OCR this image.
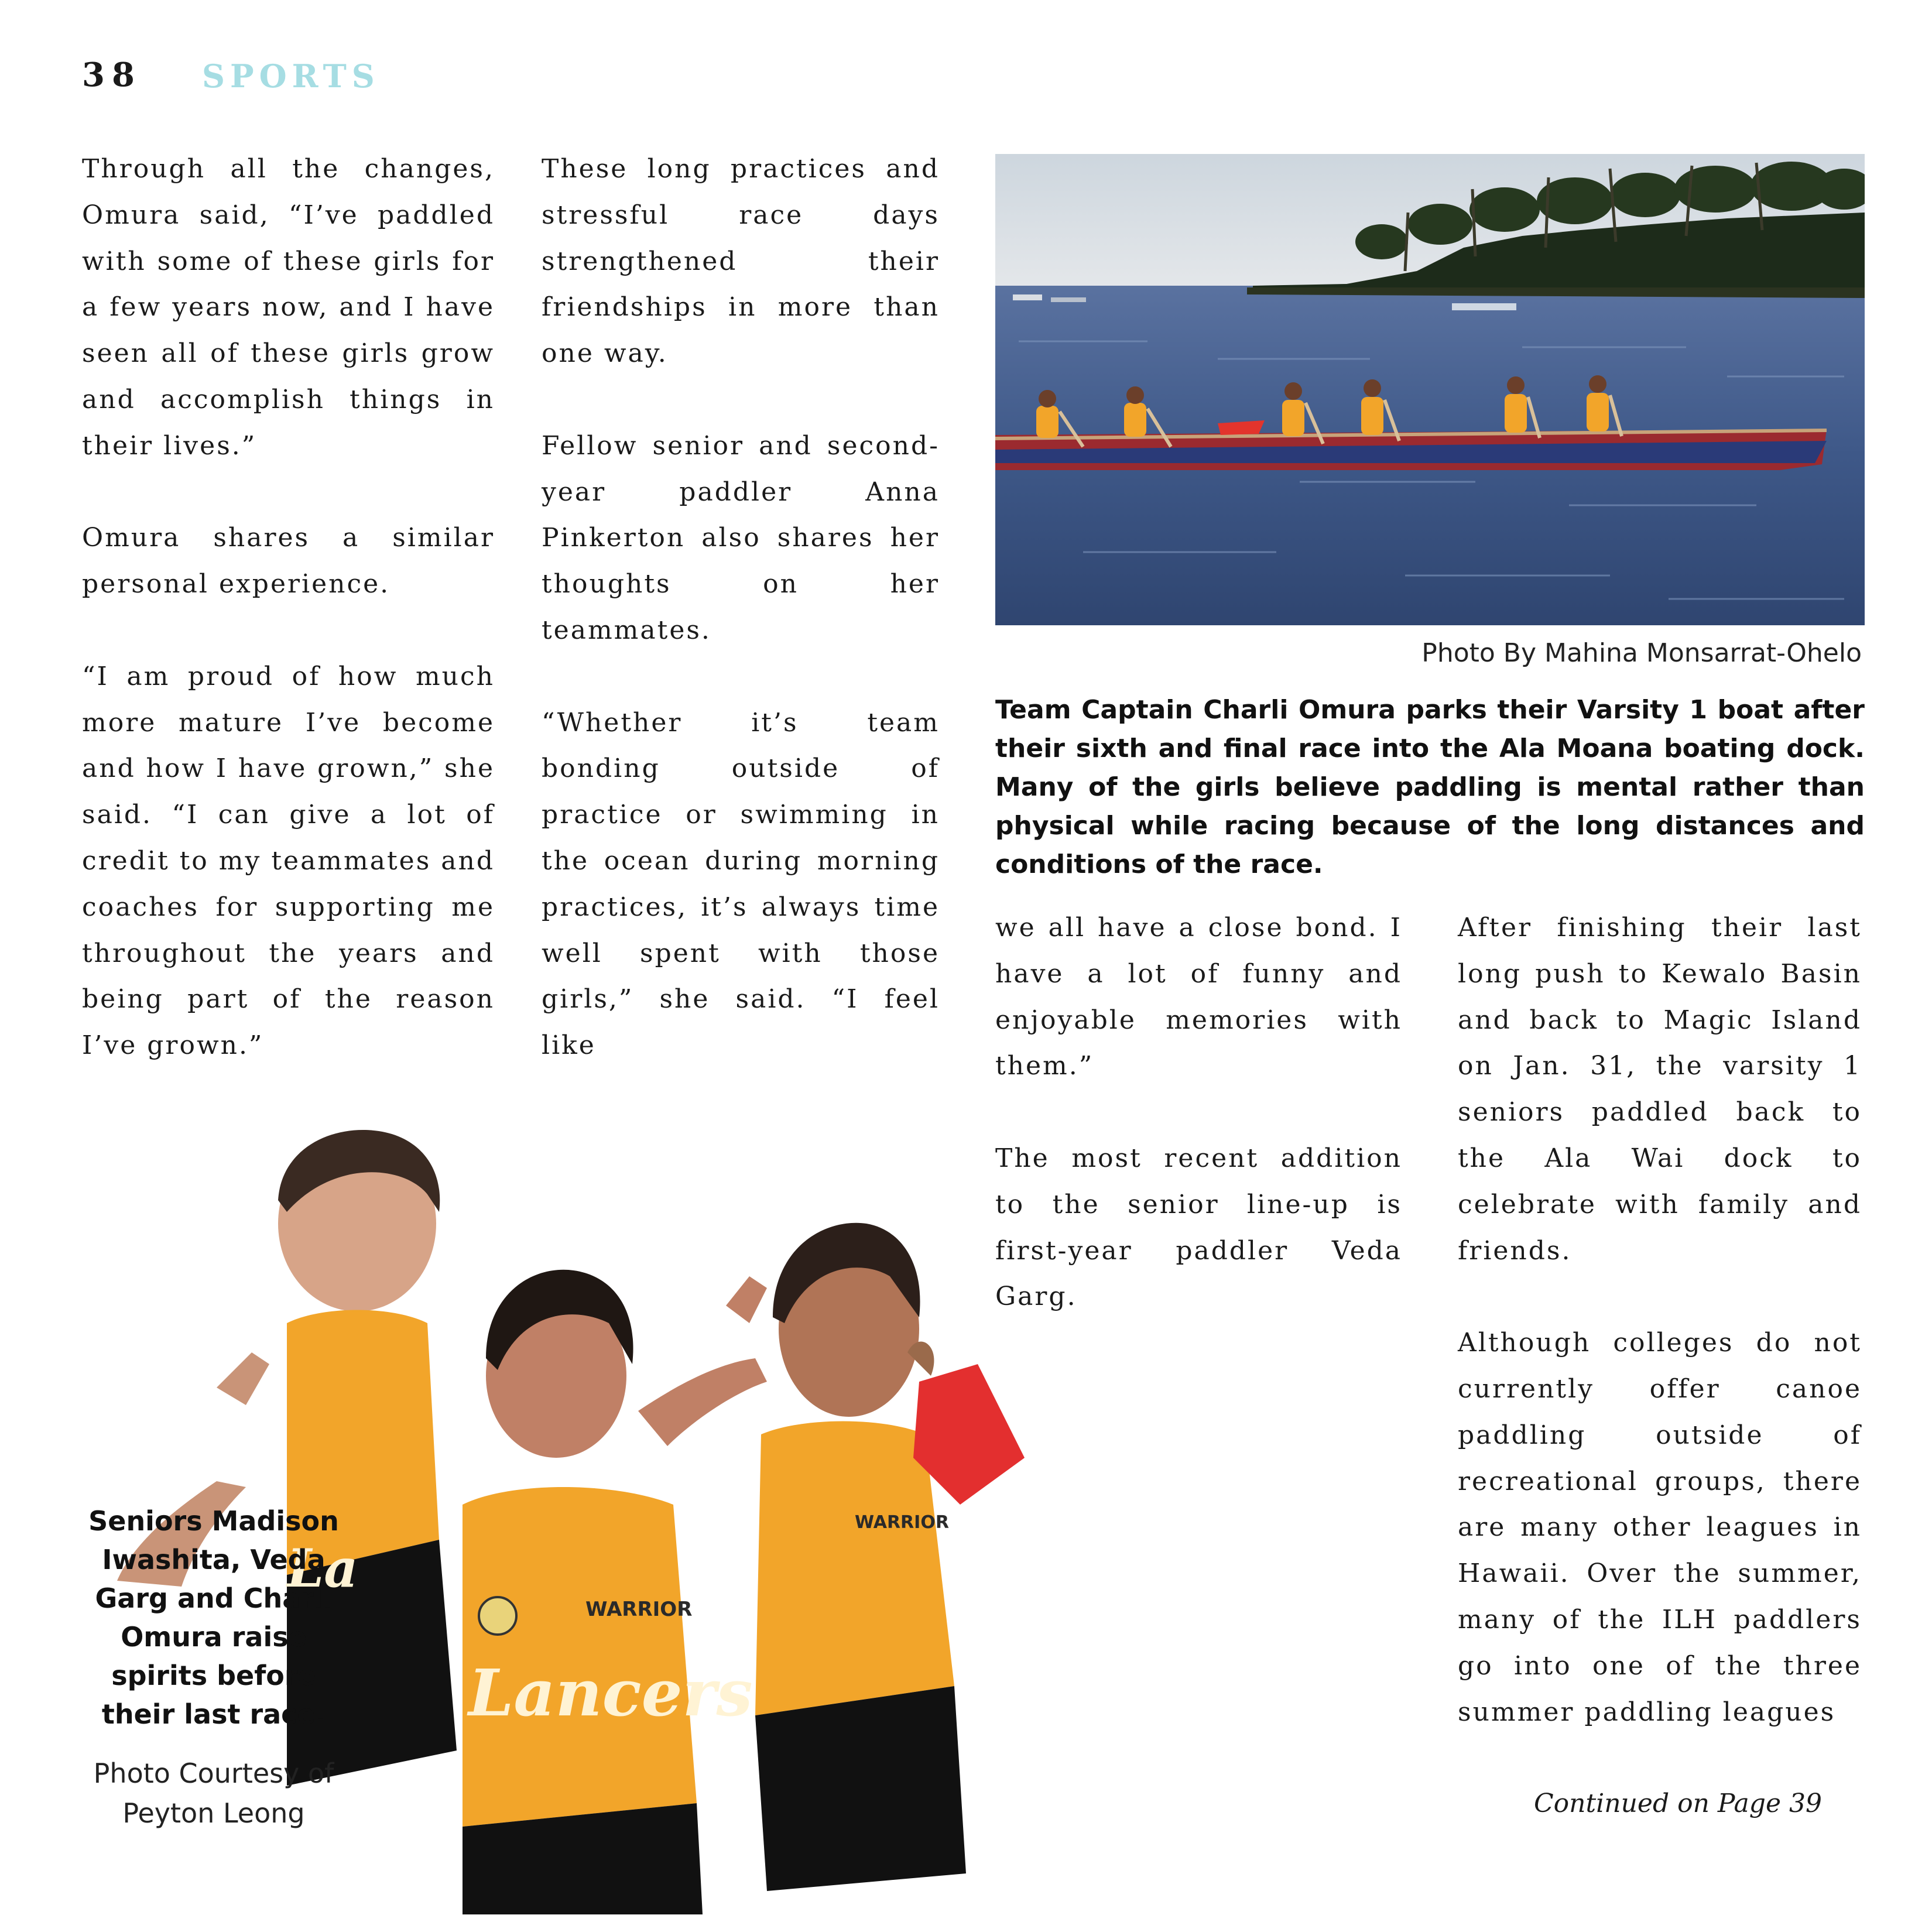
38 SPORTS

Through all the changes, Omura said, “I’ve paddled with some of these girls for a few years now, and I have seen all of these girls grow and accomplish things in their lives.”

Omura shares a similar personal experience.

“I am proud of how much more mature I’ve become and how I have grown,” she said. “I can give a lot of credit to my teammates and coaches for supporting me throughout the years and being part of the reason I’ve grown.”

These long practices and stressful race days strengthened their friendships in more than one way.

Fellow senior and second-year paddler Anna Pinkerton also shares her thoughts on her teammates.

“Whether it’s team bonding outside of practice or swimming in the ocean during morning practices, it’s always time well spent with those girls,” she said. “I feel like

Photo By Mahina Monsarrat-Ohelo
Team Captain Charli Omura parks their Varsity 1 boat after their sixth and final race into the Ala Moana boating dock. Many of the girls believe paddling is mental rather than physical while racing because of the long distances and conditions of the race.

we all have a close bond. I have a lot of funny and enjoyable memories with them.”

The most recent addition to the senior line-up is first-year paddler Veda Garg.

After finishing their last long push to Kewalo Basin and back to Magic Island on Jan. 31, the varsity 1 seniors paddled back to the Ala Wai dock to celebrate with family and friends.

Although colleges do not currently offer canoe paddling outside of recreational groups, there are many other leagues in Hawaii. Over the summer, many of the ILH paddlers go into one of the three summer paddling leagues

La
WARRIOR
Lancers
WARRIOR
Seniors Madison Iwashita, Veda Garg and Charli Omura raise spirits before their last race.
Photo Courtesy of Peyton Leong	Continued on Page 39
